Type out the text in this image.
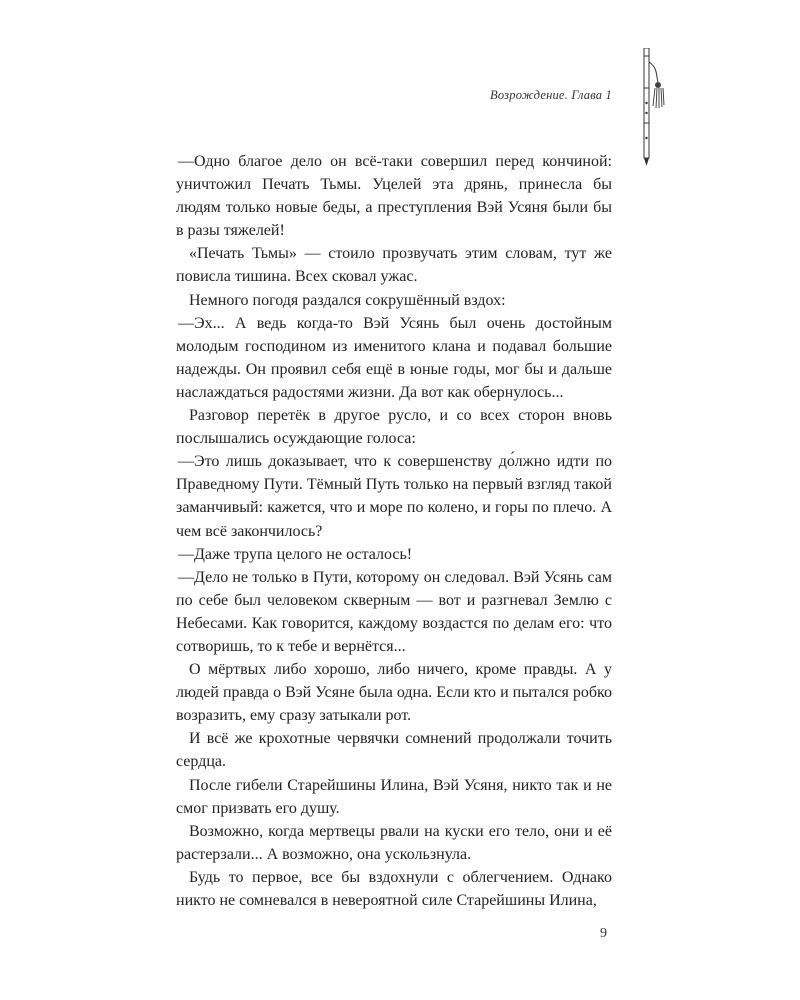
Возрождение. Глава 1

—Одно благое дело он всё-таки совершил перед кончиной: уничтожил Печать Тьмы. Уцелей эта дрянь, принесла бы людям только новые беды, а преступления Вэй Усяня были бы в разы тяжелей!

«Печать Тьмы» — стоило прозвучать этим словам, тут же повисла тишина. Всех сковал ужас.

Немного погодя раздался сокрушённый вздох:

—Эх... А ведь когда-то Вэй Усянь был очень достойным молодым господином из именитого клана и подавал большие надежды. Он проявил себя ещё в юные годы, мог бы и дальше наслаждаться радостями жизни. Да вот как обернулось...

Разговор перетёк в другое русло, и со всех сторон вновь послышались осуждающие голоса:

—Это лишь доказывает, что к совершенству до́лжно идти по Праведному Пути. Тёмный Путь только на первый взгляд такой заманчивый: кажется, что и море по колено, и горы по плечо. А чем всё закончилось?

—Даже трупа целого не осталось!

—Дело не только в Пути, которому он следовал. Вэй Усянь сам по себе был человеком скверным — вот и разгневал Землю с Небесами. Как говорится, каждому воздастся по делам его: что сотворишь, то к тебе и вернётся...

О мёртвых либо хорошо, либо ничего, кроме правды. А у людей правда о Вэй Усяне была одна. Если кто и пытался робко возразить, ему сразу затыкали рот.

И всё же крохотные червячки сомнений продолжали точить сердца.

После гибели Старейшины Илина, Вэй Усяня, никто так и не смог призвать его душу.

Возможно, когда мертвецы рвали на куски его тело, они и её растерзали... А возможно, она ускользнула.

Будь то первое, все бы вздохнули с облегчением. Однако никто не сомневался в невероятной силе Старейшины Илина,

9
